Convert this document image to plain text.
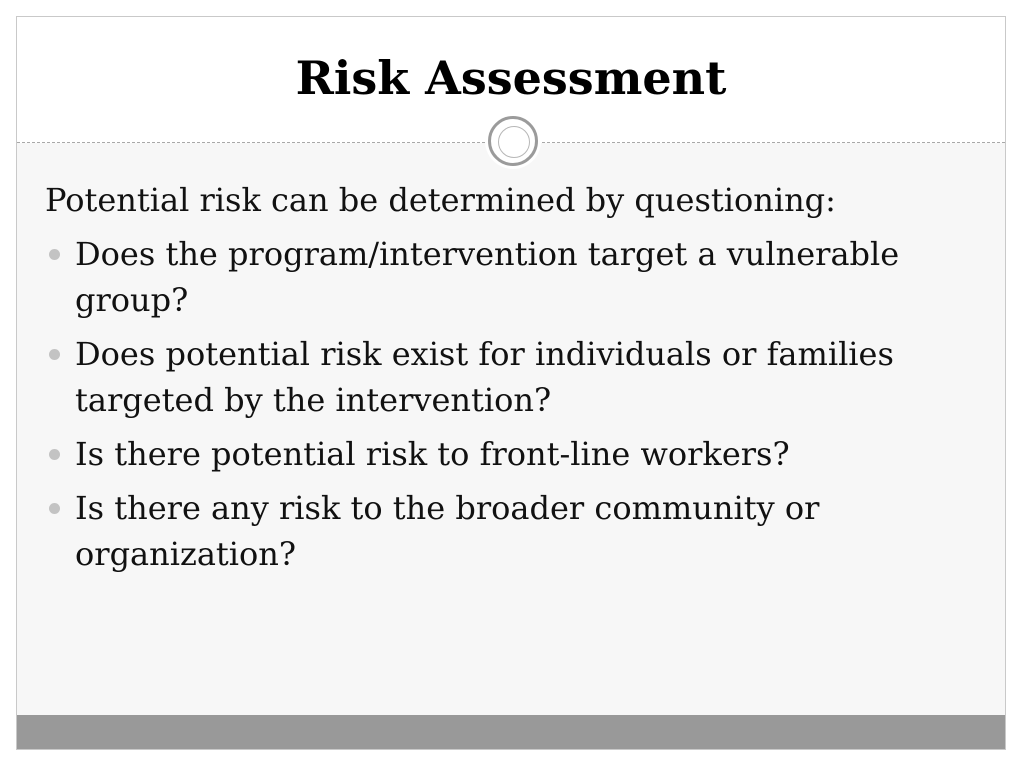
Risk Assessment

Potential risk can be determined by questioning:

Does the program/intervention target a vulnerable group?
Does potential risk exist for individuals or families targeted by the intervention?
Is there potential risk to front-line workers?
Is there any risk to the broader community or organization?
